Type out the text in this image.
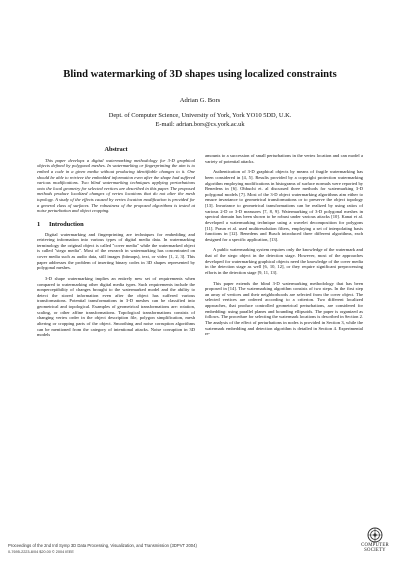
Blind watermarking of 3D shapes using localized constraints
Adrian G. Bors
Dept. of Computer Science, University of York, York YO10 5DD, U.K.
E-mail: adrian.bors@cs.york.ac.uk
Abstract

This paper develops a digital watermarking methodology for 3-D graphical objects defined by polygonal meshes. In watermarking or fingerprinting the aim is to embed a code in a given media without producing identifiable changes to it. One should be able to retrieve the embedded information even after the shape had suffered various modifications. Two blind watermarking techniques applying perturbations onto the local geometry for selected vertices are described in this paper. The proposed methods produce localized changes of vertex locations that do not alter the mesh topology. A study of the effects caused by vertex location modification is provided for a general class of surfaces. The robustness of the proposed algorithms is tested at noise perturbation and object cropping.

1 Introduction

Digital watermarking and fingerprinting are techniques for embedding and retrieving information into various types of digital media data. In watermarking terminology the original object is called "cover media" while the watermarked object is called "stego media". Most of the research in watermarking has concentrated on cover media such as audio data, still images (bitmaps), text, or video [1, 2, 3]. This paper addresses the problem of inserting binary codes in 3D shapes represented by polygonal meshes.

3-D shape watermarking implies an entirely new set of requirements when compared to watermarking other digital media types. Such requirements include the nonperceptibility of changes brought to the watermarked model and the ability to detect the stored information even after the object has suffered various transformations. Potential transformations in 3-D meshes can be classified into geometrical and topological. Examples of geometrical transformations are: rotation, scaling, or other affine transformations. Topological transformations consists of changing vertex order in the object description file, polygon simplification, mesh altering or cropping parts of the object. Smoothing and noise corruption algorithms can be mentioned from the category of intentional attacks. Noise corruption in 3D models

amounts to a succession of small perturbations in the vertex location and can model a variety of potential attacks.

Authentication of 3-D graphical objects by means of fragile watermarking has been considered in [4, 5]. Results provided by a copyright protection watermarking algorithm employing modifications in histograms of surface normals were reported by Benedens in [6]. Ohbuchi et. al discussed three methods for watermarking 3-D polygonal models [7]. Most of the 3-D object watermarking algorithms aim either to ensure invariance to geometrical transformations or to preserve the object topology [13]. Invariance to geometrical transformations can be realized by using ratios of various 2-D or 3-D measures [7, 8, 9]. Watermarking of 3-D polygonal meshes in spectral domain has been shown to be robust under various attacks [10]. Kanai et al. developed a watermarking technique using a wavelet decomposition for polygons [11]. Praun et al. used multiresolution filters, employing a set of interpolating basis functions in [12]. Benedens and Busch introduced three different algorithms, each designed for a specific application, [13].

A public watermarking system requires only the knowledge of the watermark and that of the stego object in the detection stage. However, most of the approaches developed for watermarking graphical objects need the knowledge of the cover media in the detection stage as well [6, 10, 12], or they require significant preprocessing efforts in the detection stage [9, 11, 13].

This paper extends the blind 3-D watermarking methodology that has been proposed in [14]. The watermarking algorithm consists of two steps. In the first step an array of vertices and their neighborhoods are selected from the cover object. The selected vertices are ordered according to a criterion. Two different localized approaches, that produce controlled geometrical perturbations, are considered for embedding: using parallel planes and bounding ellipsoids. The paper is organized as follows. The procedure for selecting the watermark locations is described in Section 2. The analysis of the effect of perturbations in nodes is provided in Section 3, while the watermark embedding and detection algorithm is detailed in Section 4. Experimental re-

Proceedings of the 2nd Intl Symp 3D Data Processing, Visualization, and Transmission (3DPVT 2004)
0-7695-2223-8/04 $20.00 © 2004 IEEE
COMPUTER
SOCIETY
